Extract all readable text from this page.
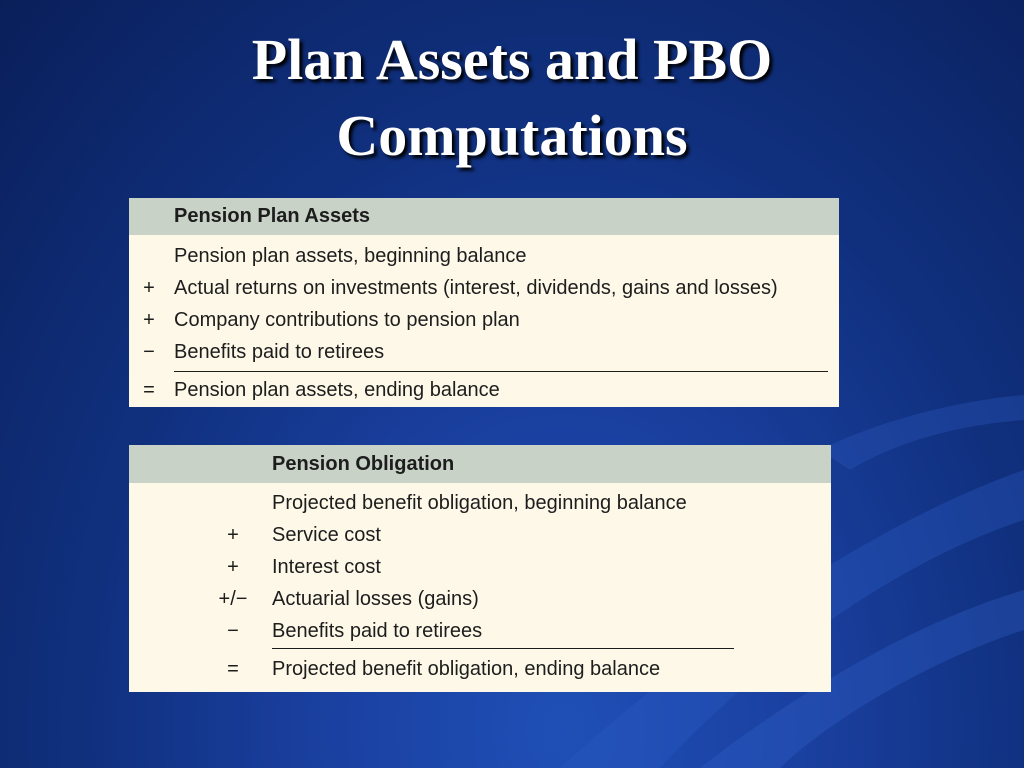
Plan Assets and PBO
Computations
Pension Plan Assets
Pension plan assets, beginning balance
+ Actual returns on investments (interest, dividends, gains and losses)
+ Company contributions to pension plan
− Benefits paid to retirees
= Pension plan assets, ending balance
Pension Obligation
Projected benefit obligation, beginning balance
+	Service cost
+	Interest cost
+/− Actuarial losses (gains)
−	Benefits paid to retirees
=	Projected benefit obligation, ending balance
